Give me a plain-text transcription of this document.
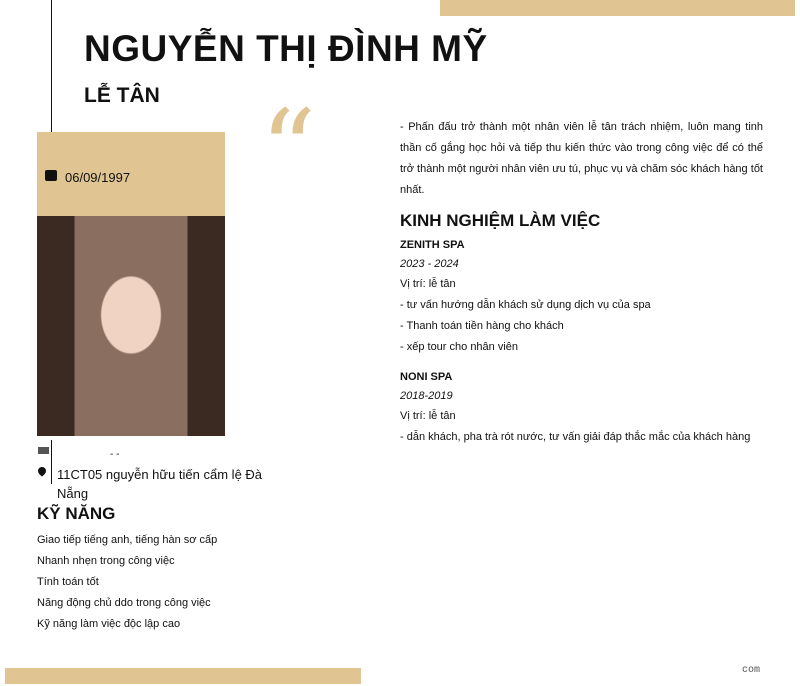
NGUYỄN THỊ ĐÌNH MỸ
LỄ TÂN
06/09/1997 “
- -
11CT05 nguyễn hữu tiến cẩm lệ Đà Nẵng
KỸ NĂNG
Giao tiếp tiếng anh, tiếng hàn sơ cấp
Nhanh nhẹn trong công việc
Tính toán tốt
Năng động chủ ddo trong công việc
Kỹ năng làm việc độc lập cao

- Phấn đấu trở thành một nhân viên lễ tân trách nhiệm, luôn mang tinh thần cố gắng học hỏi và tiếp thu kiến thức vào trong công việc để có thể trở thành một người nhân viên ưu tú, phục vụ và chăm sóc khách hàng tốt nhất.

KINH NGHIỆM LÀM VIỆC

ZENITH SPA

2023 - 2024

Vị trí: lễ tân

- tư vấn hướng dẫn khách sử dụng dịch vụ của spa

- Thanh toán tiền hàng cho khách

- xếp tour cho nhân viên

NONI SPA

2018-2019

Vị trí: lễ tân

- dẫn khách, pha trà rót nước, tư vấn giải đáp thắc mắc của khách hàng

com
